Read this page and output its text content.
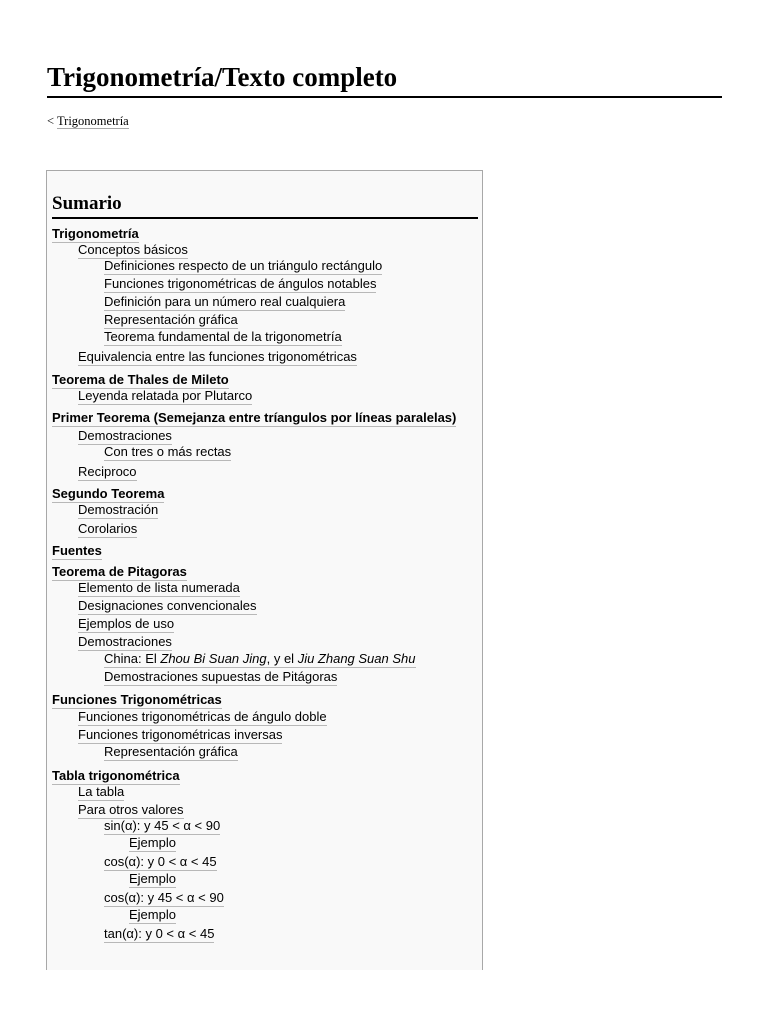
Trigonometría/Texto completo
< Trigonometría
Sumario
Trigonometría
Conceptos básicos
Definiciones respecto de un triángulo rectángulo
Funciones trigonométricas de ángulos notables
Definición para un número real cualquiera
Representación gráfica
Teorema fundamental de la trigonometría
Equivalencia entre las funciones trigonométricas
Teorema de Thales de Mileto
Leyenda relatada por Plutarco
Primer Teorema (Semejanza entre tríangulos por líneas paralelas)
Demostraciones
Con tres o más rectas
Reciproco
Segundo Teorema
Demostración
Corolarios
Fuentes
Teorema de Pitagoras
Elemento de lista numerada
Designaciones convencionales
Ejemplos de uso
Demostraciones
China: El Zhou Bi Suan Jing, y el Jiu Zhang Suan Shu
Demostraciones supuestas de Pitágoras
Funciones Trigonométricas
Funciones trigonométricas de ángulo doble
Funciones trigonométricas inversas
Representación gráfica
Tabla trigonométrica
La tabla
Para otros valores
sin(α): y 45 < α < 90
Ejemplo
cos(α): y 0 < α < 45
Ejemplo
cos(α): y 45 < α < 90
Ejemplo
tan(α): y 0 < α < 45
